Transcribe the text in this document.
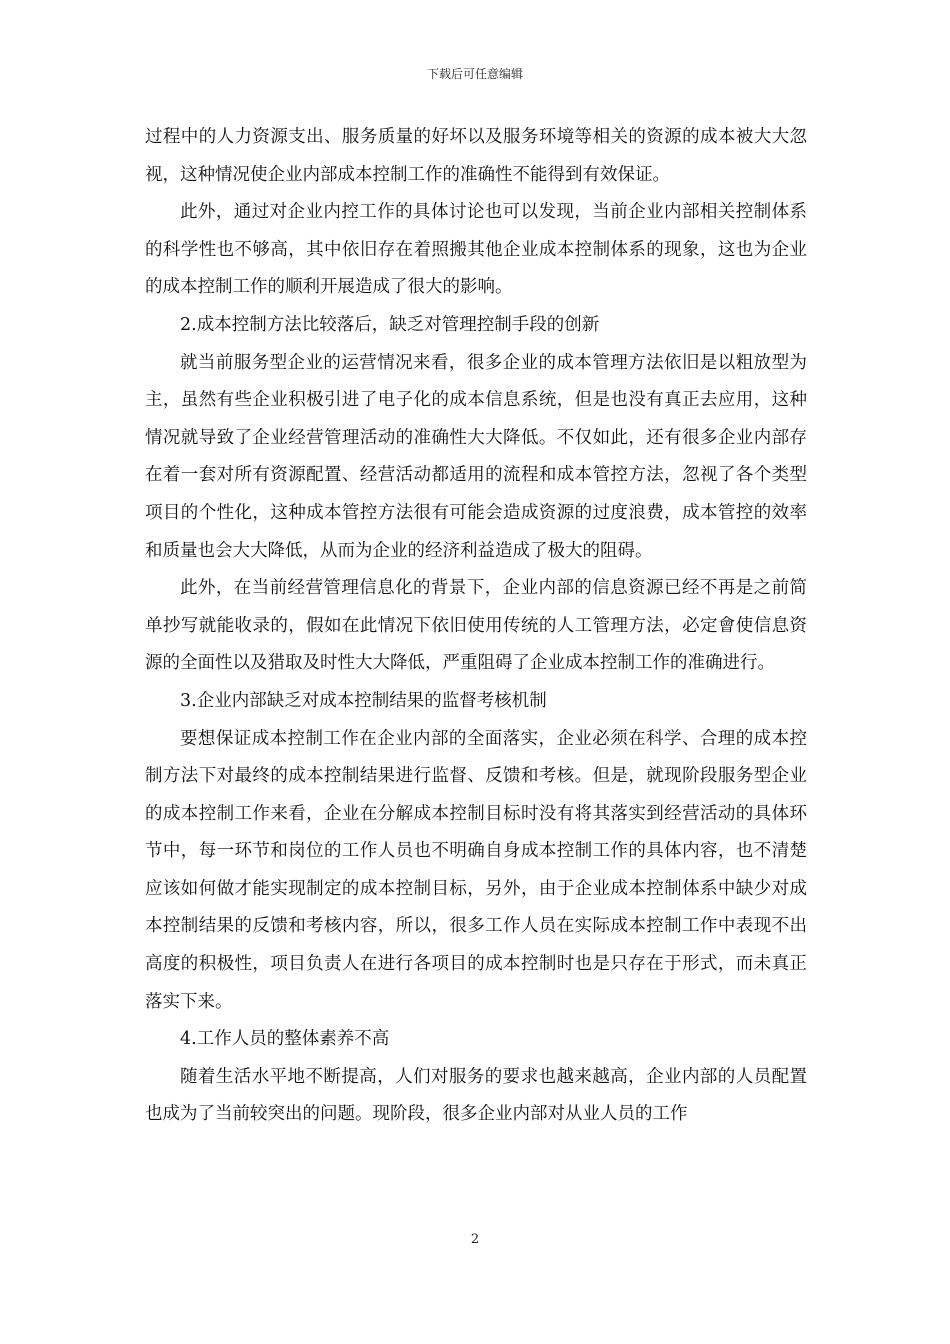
下载后可任意编辑

过程中的人力资源支出、服务质量的好坏以及服务环境等相关的资源的成本被大大忽视，这种情况使企业内部成本控制工作的准确性不能得到有效保证。

此外，通过对企业内控工作的具体讨论也可以发现，当前企业内部相关控制体系的科学性也不够高，其中依旧存在着照搬其他企业成本控制体系的现象，这也为企业的成本控制工作的顺利开展造成了很大的影响。

2.成本控制方法比较落后，缺乏对管理控制手段的创新

就当前服务型企业的运营情况来看，很多企业的成本管理方法依旧是以粗放型为主，虽然有些企业积极引进了电子化的成本信息系统，但是也没有真正去应用，这种情况就导致了企业经营管理活动的准确性大大降低。不仅如此，还有很多企业内部存在着一套对所有资源配置、经营活动都适用的流程和成本管控方法，忽视了各个类型项目的个性化，这种成本管控方法很有可能会造成资源的过度浪费，成本管控的效率和质量也会大大降低，从而为企业的经济利益造成了极大的阻碍。

此外，在当前经营管理信息化的背景下，企业内部的信息资源已经不再是之前简单抄写就能收录的，假如在此情况下依旧使用传统的人工管理方法，必定會使信息资源的全面性以及猎取及时性大大降低，严重阻碍了企业成本控制工作的准确进行。

3.企业内部缺乏对成本控制结果的监督考核机制

要想保证成本控制工作在企业内部的全面落实，企业必须在科学、合理的成本控制方法下对最终的成本控制结果进行监督、反馈和考核。但是，就现阶段服务型企业的成本控制工作来看，企业在分解成本控制目标时没有将其落实到经营活动的具体环节中，每一环节和岗位的工作人员也不明确自身成本控制工作的具体内容，也不清楚应该如何做才能实现制定的成本控制目标，另外，由于企业成本控制体系中缺少对成本控制结果的反馈和考核内容，所以，很多工作人员在实际成本控制工作中表现不出高度的积极性，项目负责人在进行各项目的成本控制时也是只存在于形式，而未真正落实下来。

4.工作人员的整体素养不高

随着生活水平地不断提高，人们对服务的要求也越来越高，企业内部的人员配置也成为了当前较突出的问题。现阶段，很多企业内部对从业人员的工作

2
